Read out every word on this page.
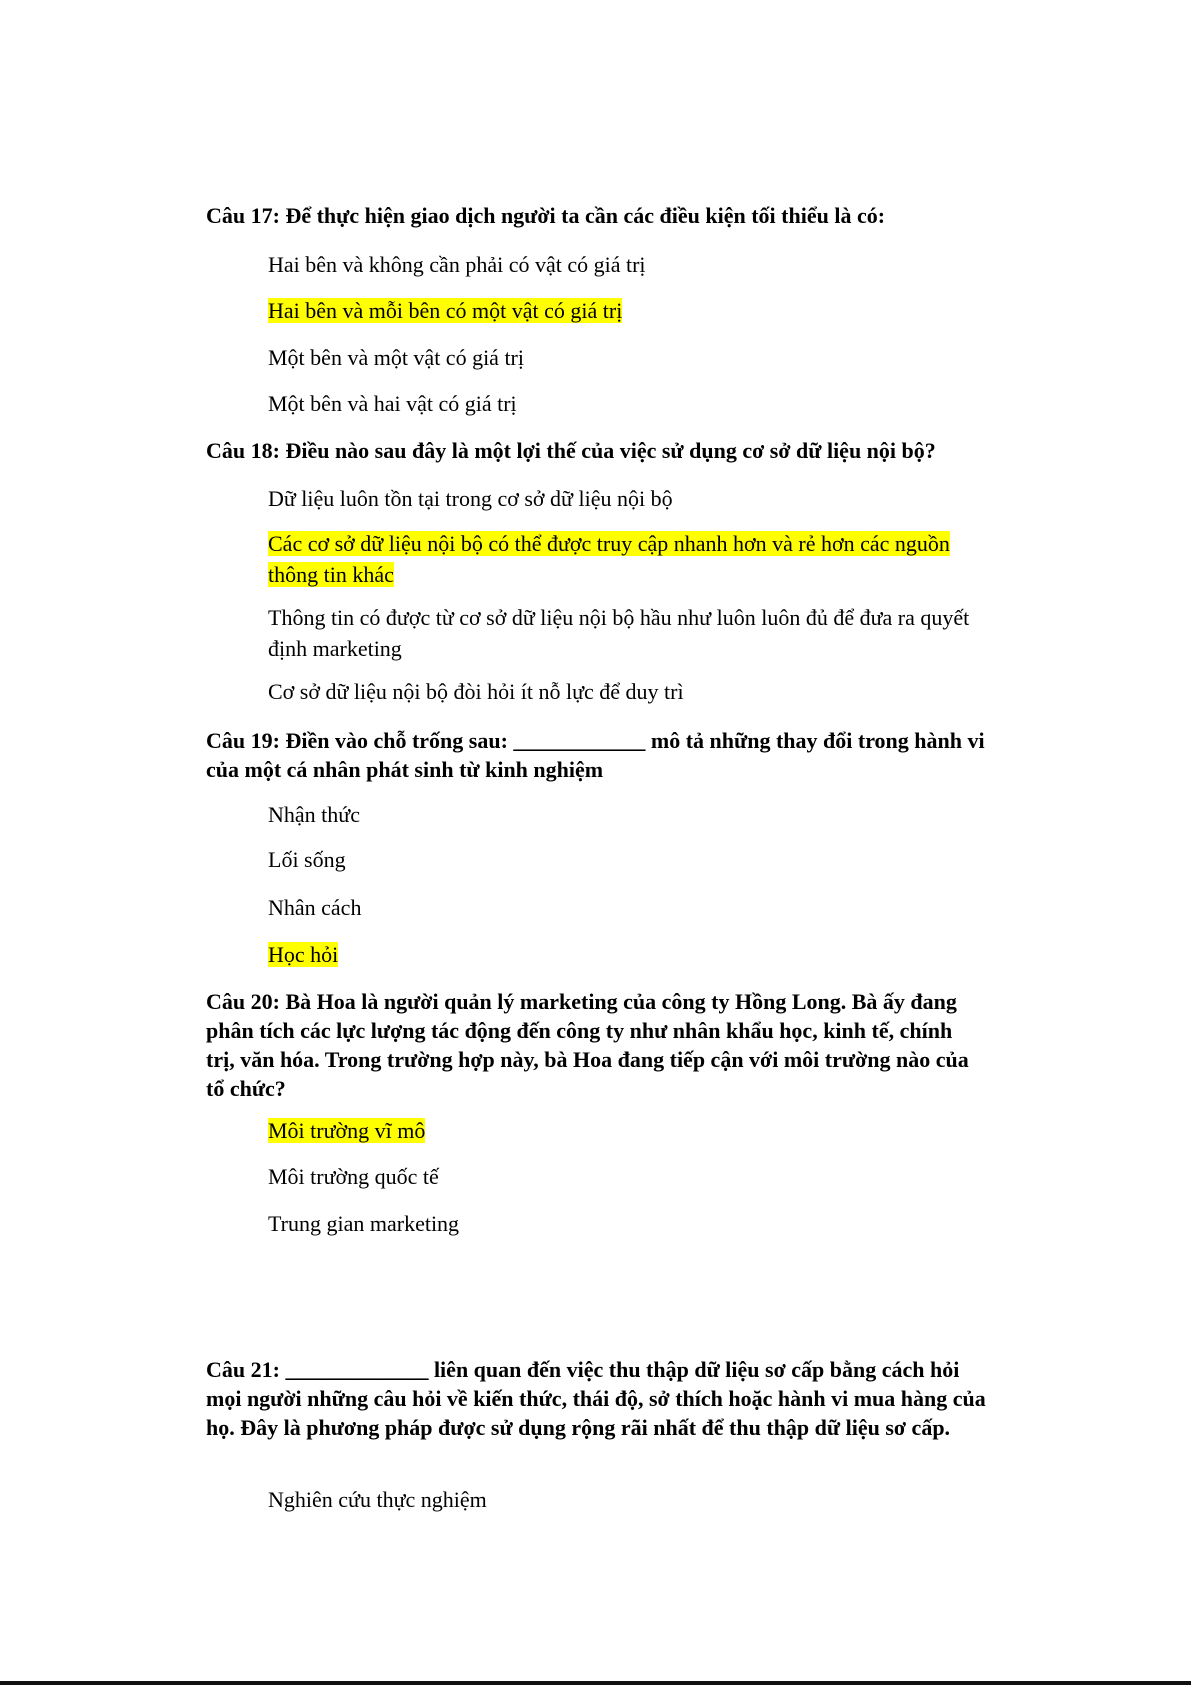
Câu 17: Để thực hiện giao dịch người ta cần các điều kiện tối thiểu là có:
Hai bên và không cần phải có vật có giá trị
Hai bên và mỗi bên có một vật có giá trị
Một bên và một vật có giá trị
Một bên và hai vật có giá trị
Câu 18: Điều nào sau đây là một lợi thế của việc sử dụng cơ sở dữ liệu nội bộ?
Dữ liệu luôn tồn tại trong cơ sở dữ liệu nội bộ
Các cơ sở dữ liệu nội bộ có thể được truy cập nhanh hơn và rẻ hơn các nguồn thông tin khác
Thông tin có được từ cơ sở dữ liệu nội bộ hầu như luôn luôn đủ để đưa ra quyết định marketing
Cơ sở dữ liệu nội bộ đòi hỏi ít nỗ lực để duy trì
Câu 19: Điền vào chỗ trống sau: ____________ mô tả những thay đổi trong hành vi của một cá nhân phát sinh từ kinh nghiệm
Nhận thức
Lối sống
Nhân cách
Học hỏi
Câu 20: Bà Hoa là người quản lý marketing của công ty Hồng Long. Bà ấy đang phân tích các lực lượng tác động đến công ty như nhân khẩu học, kinh tế, chính trị, văn hóa. Trong trường hợp này, bà Hoa đang tiếp cận với môi trường nào của tổ chức?
Môi trường vĩ mô
Môi trường quốc tế
Trung gian marketing
Câu 21: _____________ liên quan đến việc thu thập dữ liệu sơ cấp bằng cách hỏi mọi người những câu hỏi về kiến thức, thái độ, sở thích hoặc hành vi mua hàng của họ. Đây là phương pháp được sử dụng rộng rãi nhất để thu thập dữ liệu sơ cấp.
Nghiên cứu thực nghiệm
